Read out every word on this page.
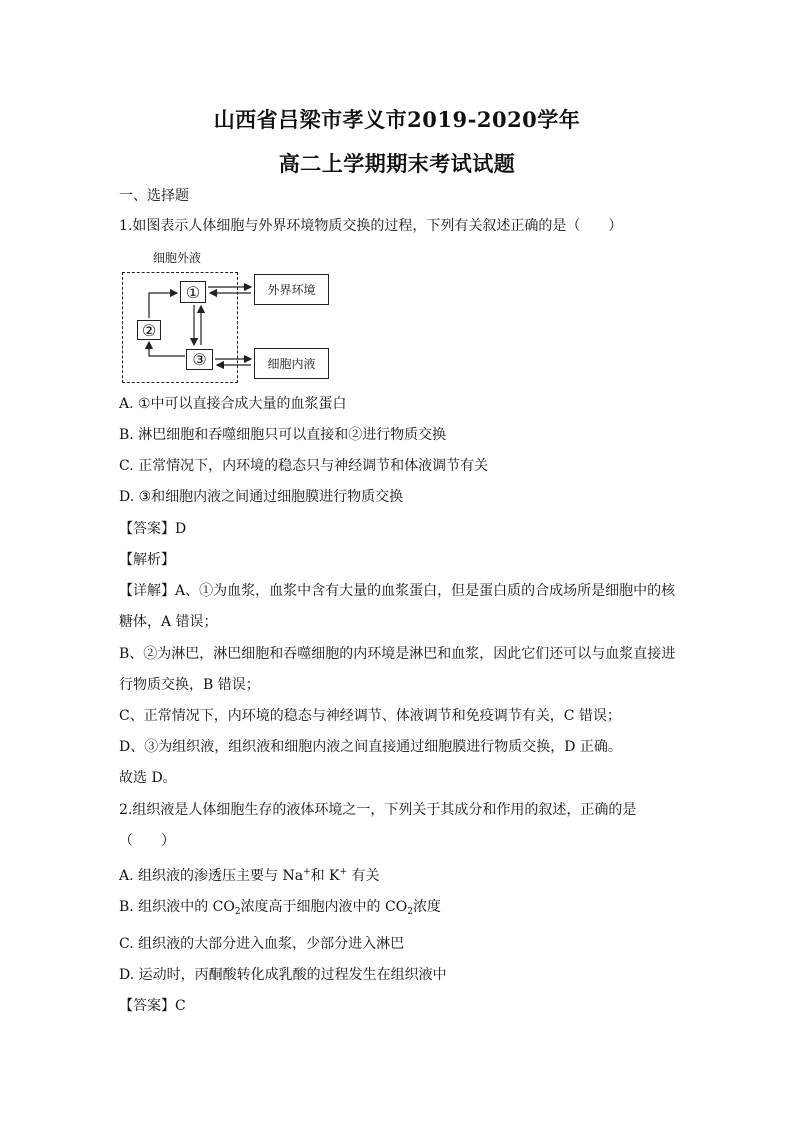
山西省吕梁市孝义市2019-2020学年
高二上学期期末考试试题
一、选择题
1.如图表示人体细胞与外界环境物质交换的过程，下列有关叙述正确的是（　　）
细胞外液
①
②
③
外界环境
细胞内液
A. ①中可以直接合成大量的血浆蛋白
B. 淋巴细胞和吞噬细胞只可以直接和②进行物质交换
C. 正常情况下，内环境的稳态只与神经调节和体液调节有关
D. ③和细胞内液之间通过细胞膜进行物质交换
【答案】D
【解析】
【详解】A、①为血浆，血浆中含有大量的血浆蛋白，但是蛋白质的合成场所是细胞中的核
糖体，A 错误；
B、②为淋巴，淋巴细胞和吞噬细胞的内环境是淋巴和血浆，因此它们还可以与血浆直接进
行物质交换，B 错误；
C、正常情况下，内环境的稳态与神经调节、体液调节和免疫调节有关，C 错误；
D、③为组织液，组织液和细胞内液之间直接通过细胞膜进行物质交换，D 正确。
故选 D。
2.组织液是人体细胞生存的液体环境之一，下列关于其成分和作用的叙述，正确的是
（　　）
A. 组织液的渗透压主要与 Na+和 K+ 有关
B. 组织液中的 $CO_2$浓度高于细胞内液中的 $CO_2$浓度
C. 组织液的大部分进入血浆，少部分进入淋巴
D. 运动时，丙酮酸转化成乳酸的过程发生在组织液中
【答案】C
